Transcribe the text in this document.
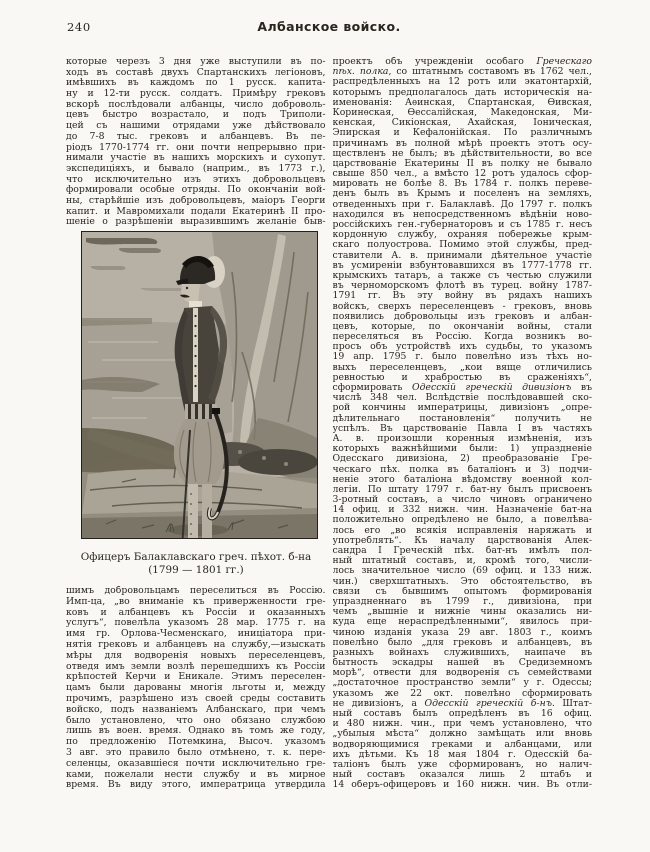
240	Албанское войско.
которые черезъ 3 дня уже выступили въ по-
ходъ въ составѣ двухъ Спартанскихъ легіоновъ,
имѣвшихъ въ каждомъ по 1 русск. капита-
ну и 12-ти русск. солдатъ. Примѣру грековъ
вскорѣ послѣдовали албанцы, число доброволь-
цевъ быстро возрастало, и подъ Триполи-
цей съ нашими отрядами уже дѣйствовало
до 7-8 тыс. грековъ и албанцевъ. Въ пе-
ріодъ 1770-1774 гг. они почти непрерывно при-
нимали участіе въ нашихъ морскихъ и сухопут.
экспедиціяхъ, и бывало (наприм., въ 1773 г.),
что исключительно изъ этихъ добровольцевъ
формировали особые отряды. По окончаніи вой-
ны, старѣйшіе изъ добровольцевъ, маіоръ Георги
капит. и Мавромихали подали Екатеринѣ II про-
шеніе о разрѣшеніи выразившимъ желаніе быв-
Офицеръ Балаклавскаго греч. пѣхот. б-на
(1799 — 1801 гг.)
шимъ добровольцамъ переселиться въ Россію.
Имп-ца, „во вниманіе къ приверженности гре-
ковъ и албанцевъ къ Россіи и оказанныхъ
услугъ“, повелѣла указомъ 28 мар. 1775 г. на
имя гр. Орлова-Чесменскаго, иниціатора при-
нятія грековъ и албанцевъ на службу,—изыскать
мѣры для водворенія новыхъ переселенцевъ,
отведя имъ земли возлѣ перешедшихъ къ Россіи
крѣпостей Керчи и Еникале. Этимъ переселен-
цамъ были дарованы многія льготы и, между
прочимъ, разрѣшено изъ своей среды составить
войско, подъ названіемъ Албанскаго, при чемъ
было установлено, что оно обязано службою
лишь въ воен. время. Однако въ томъ же году,
по предложенію Потемкина, Высоч. указомъ
3 авг. это правило было отмѣнено, т. к. пере-
селенцы, оказавшіеся почти исключительно гре-
ками, пожелали нести службу и въ мирное
время. Въ виду этого, императрица утвердила
проектъ объ учрежденіи особаго Греческаго
пѣх. полка, со штатнымъ составомъ въ 1762 чел.,
распредѣленныхъ на 12 ротъ или экатонтархій,
которымъ предполагалось дать историческія на-
именованія: Аѳинская, Спартанская, Ѳивская,
Коринѳская, Ѳессалійская, Македонская, Ми-
кенская, Сикіонская, Ахайская, Іоническая,
Эпирская и Кефалонійская. По различнымъ
причинамъ въ полной мѣрѣ проектъ этотъ осу-
ществленъ не былъ; въ дѣйствительности, во все
царствованіе Екатерины II въ полку не бывало
свыше 850 чел., а вмѣсто 12 ротъ удалось сфор-
мировать не болѣе 8. Въ 1784 г. полкъ переве-
денъ былъ въ Крымъ и поселенъ на земляхъ,
отведенныхъ при г. Балаклавѣ. До 1797 г. полкъ
находился въ непосредственномъ вѣдѣніи ново-
россійскихъ ген.-губернаторовъ и съ 1785 г. несъ
кордонную службу, охраняя побережье крым-
скаго полуострова. Помимо этой службы, пред-
ставители А. в. принимали дѣятельное участіе
въ усмиреніи взбунтовавшихся въ 1777-1778 гг.
крымскихъ татаръ, а также съ честью служили
въ черноморскомъ флотѣ въ турец. войну 1787-
1791 гг. Въ эту войну въ рядахъ нашихъ
войскъ, сверхъ переселенцевъ - грековъ, вновь
появились добровольцы изъ грековъ и албан-
цевъ, которые, по окончаніи войны, стали
переселяться въ Россію. Когда возникъ во-
просъ объ устройствѣ ихъ судьбы, то указомъ
19 апр. 1795 г. было повелѣно изъ тѣхъ но-
выхъ переселенцевъ, „кои вяще отличились
ревностью и храбростью въ сраженіяхъ“,
сформировать Одесскій греческій дивизіонъ въ
числѣ 348 чел. Вслѣдствіе послѣдовавшей ско-
рой кончины императрицы, дивизіонъ „опре-
дѣлительнаго постановленія“ получить не
успѣлъ. Въ царствованіе Павла I въ частяхъ
А. в. произошли коренныя измѣненія, изъ
которыхъ важнѣйшими были: 1) упраздненіе
Одесскаго дивизіона, 2) преобразованіе Гре-
ческаго пѣх. полка въ баталіонъ и 3) подчи-
неніе этого баталіона вѣдомству военной кол-
легіи. По штату 1797 г. бат-ну былъ присвоенъ
3-ротный составъ, а число чиновъ ограничено
14 офиц. и 332 нижн. чин. Назначеніе бат-на
положительно опредѣлено не было, а повелѣва-
лось его „во всякія исправленія наряжать и
употреблять“. Къ началу царствованія Алек-
сандра I Греческій пѣх. бат-нъ имѣлъ пол-
ный штатный составъ, и, кромѣ того, числи-
лось значительное число (69 офиц. и 133 ниж.
чин.) сверхштатныхъ. Это обстоятельство, въ
связи съ бывшимъ опытомъ формированія
упраздненнаго въ 1799 г., дивизіона, при
чемъ „вышніе и нижніе чины оказались ни-
куда еще нераспредѣленными“, явилось при-
чиною изданія указа 29 авг. 1803 г., коимъ
повелѣно было „для грековъ и албанцевъ, въ
разныхъ войнахъ служившихъ, наипаче въ
бытность эскадры нашей въ Средиземномъ
морѣ“, отвести для водворенія съ семействами
„достаточное пространство земли“ у г. Одессы;
указомъ же 22 окт. повелѣно сформировать
не дивизіонъ, а Одесскій греческій б-нъ. Штат-
ный составъ былъ опредѣленъ въ 16 офиц.
и 480 нижн. чин., при чемъ установлено, что
„убылыя мѣста“ должно замѣщать или вновь
водворяющимися греками и албанцами, или
ихъ дѣтьми. Къ 18 мая 1804 г. Одесскій ба-
таліонъ былъ уже сформированъ, но налич-
ный составъ оказался лишь 2 штабъ и
14 оберъ-офицеровъ и 160 нижн. чин. Въ отли-
